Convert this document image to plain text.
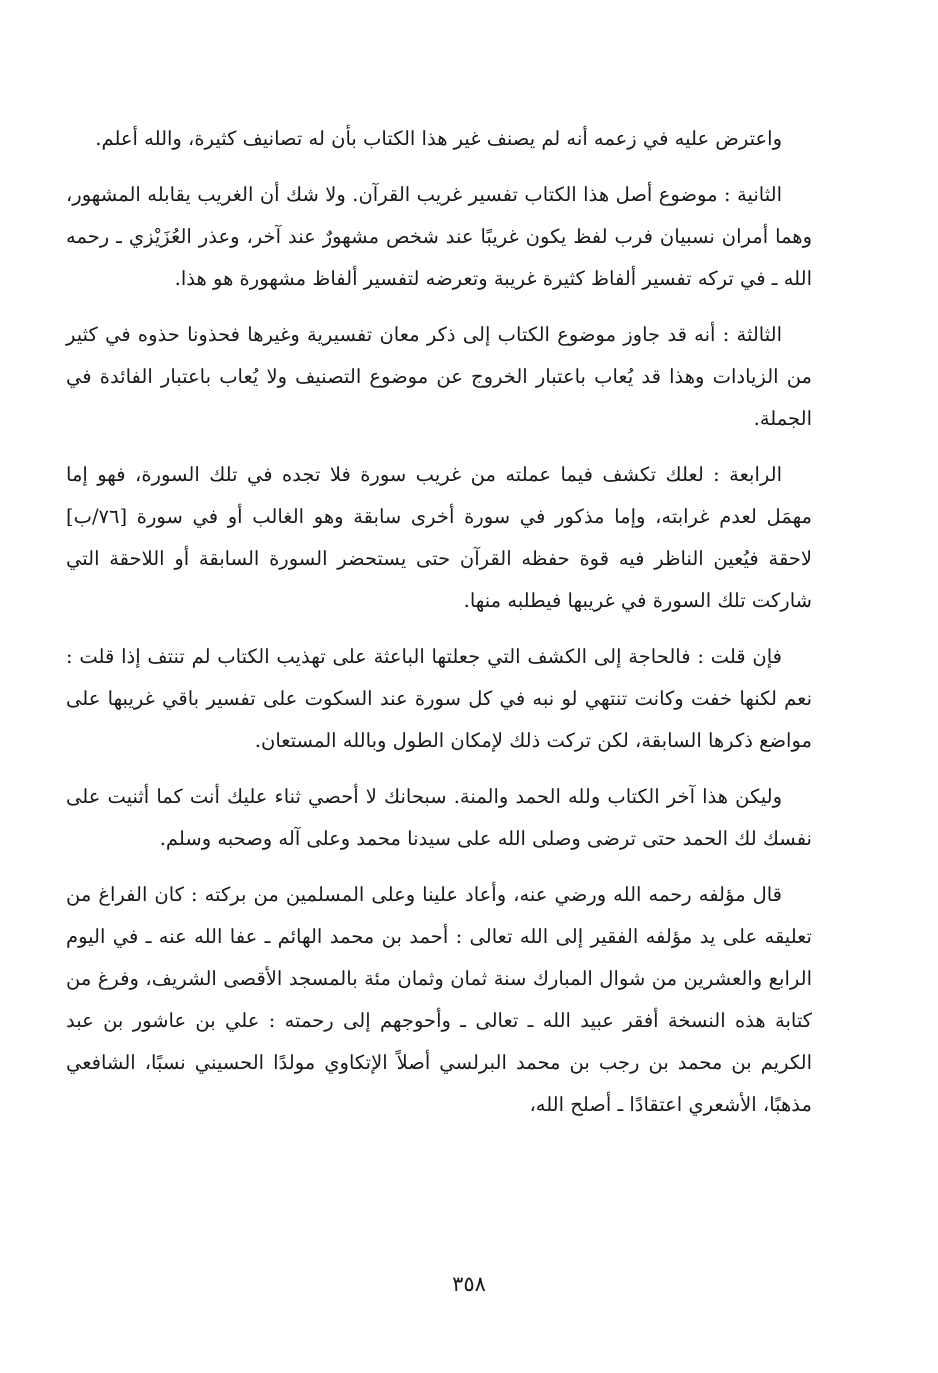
واعترض عليه في زعمه أنه لم يصنف غير هذا الكتاب بأن له تصانيف كثيرة، والله أعلم.

الثانية : موضوع أصل هذا الكتاب تفسير غريب القرآن. ولا شك أن الغريب يقابله المشهور، وهما أمران نسبيان فرب لفظ يكون غريبًا عند شخص مشهورٌ عند آخر، وعذر العُزَيْزي ـ رحمه الله ـ في تركه تفسير ألفاظ كثيرة غريبة وتعرضه لتفسير ألفاظ مشهورة هو هذا.

الثالثة : أنه قد جاوز موضوع الكتاب إلى ذكر معان تفسيرية وغيرها فحذونا حذوه في كثير من الزيادات وهذا قد يُعاب باعتبار الخروج عن موضوع التصنيف ولا يُعاب باعتبار الفائدة في الجملة.

الرابعة : لعلك تكشف فيما عملته من غريب سورة فلا تجده في تلك السورة، فهو إما مهمَل لعدم غرابته، وإما مذكور في سورة أخرى سابقة وهو الغالب أو في سورة [٧٦/ب] لاحقة فيُعين الناظر فيه قوة حفظه القرآن حتى يستحضر السورة السابقة أو اللاحقة التي شاركت تلك السورة في غريبها فيطلبه منها.

فإن قلت : فالحاجة إلى الكشف التي جعلتها الباعثة على تهذيب الكتاب لم تنتف إذا قلت : نعم لكنها خفت وكانت تنتهي لو نبه في كل سورة عند السكوت على تفسير باقي غريبها على مواضع ذكرها السابقة، لكن تركت ذلك لإمكان الطول وبالله المستعان.

وليكن هذا آخر الكتاب ولله الحمد والمنة. سبحانك لا أحصي ثناء عليك أنت كما أثنيت على نفسك لك الحمد حتى ترضى وصلى الله على سيدنا محمد وعلى آله وصحبه وسلم.

قال مؤلفه رحمه الله ورضي عنه، وأعاد علينا وعلى المسلمين من بركته : كان الفراغ من تعليقه على يد مؤلفه الفقير إلى الله تعالى : أحمد بن محمد الهائم ـ عفا الله عنه ـ في اليوم الرابع والعشرين من شوال المبارك سنة ثمان وثمان مئة بالمسجد الأقصى الشريف، وفرغ من كتابة هذه النسخة أفقر عبيد الله ـ تعالى ـ وأحوجهم إلى رحمته : علي بن عاشور بن عبد الكريم بن محمد بن رجب بن محمد البرلسي أصلاً الإتكاوي مولدًا الحسيني نسبًا، الشافعي مذهبًا، الأشعري اعتقادًا ـ أصلح الله،

٣٥٨
